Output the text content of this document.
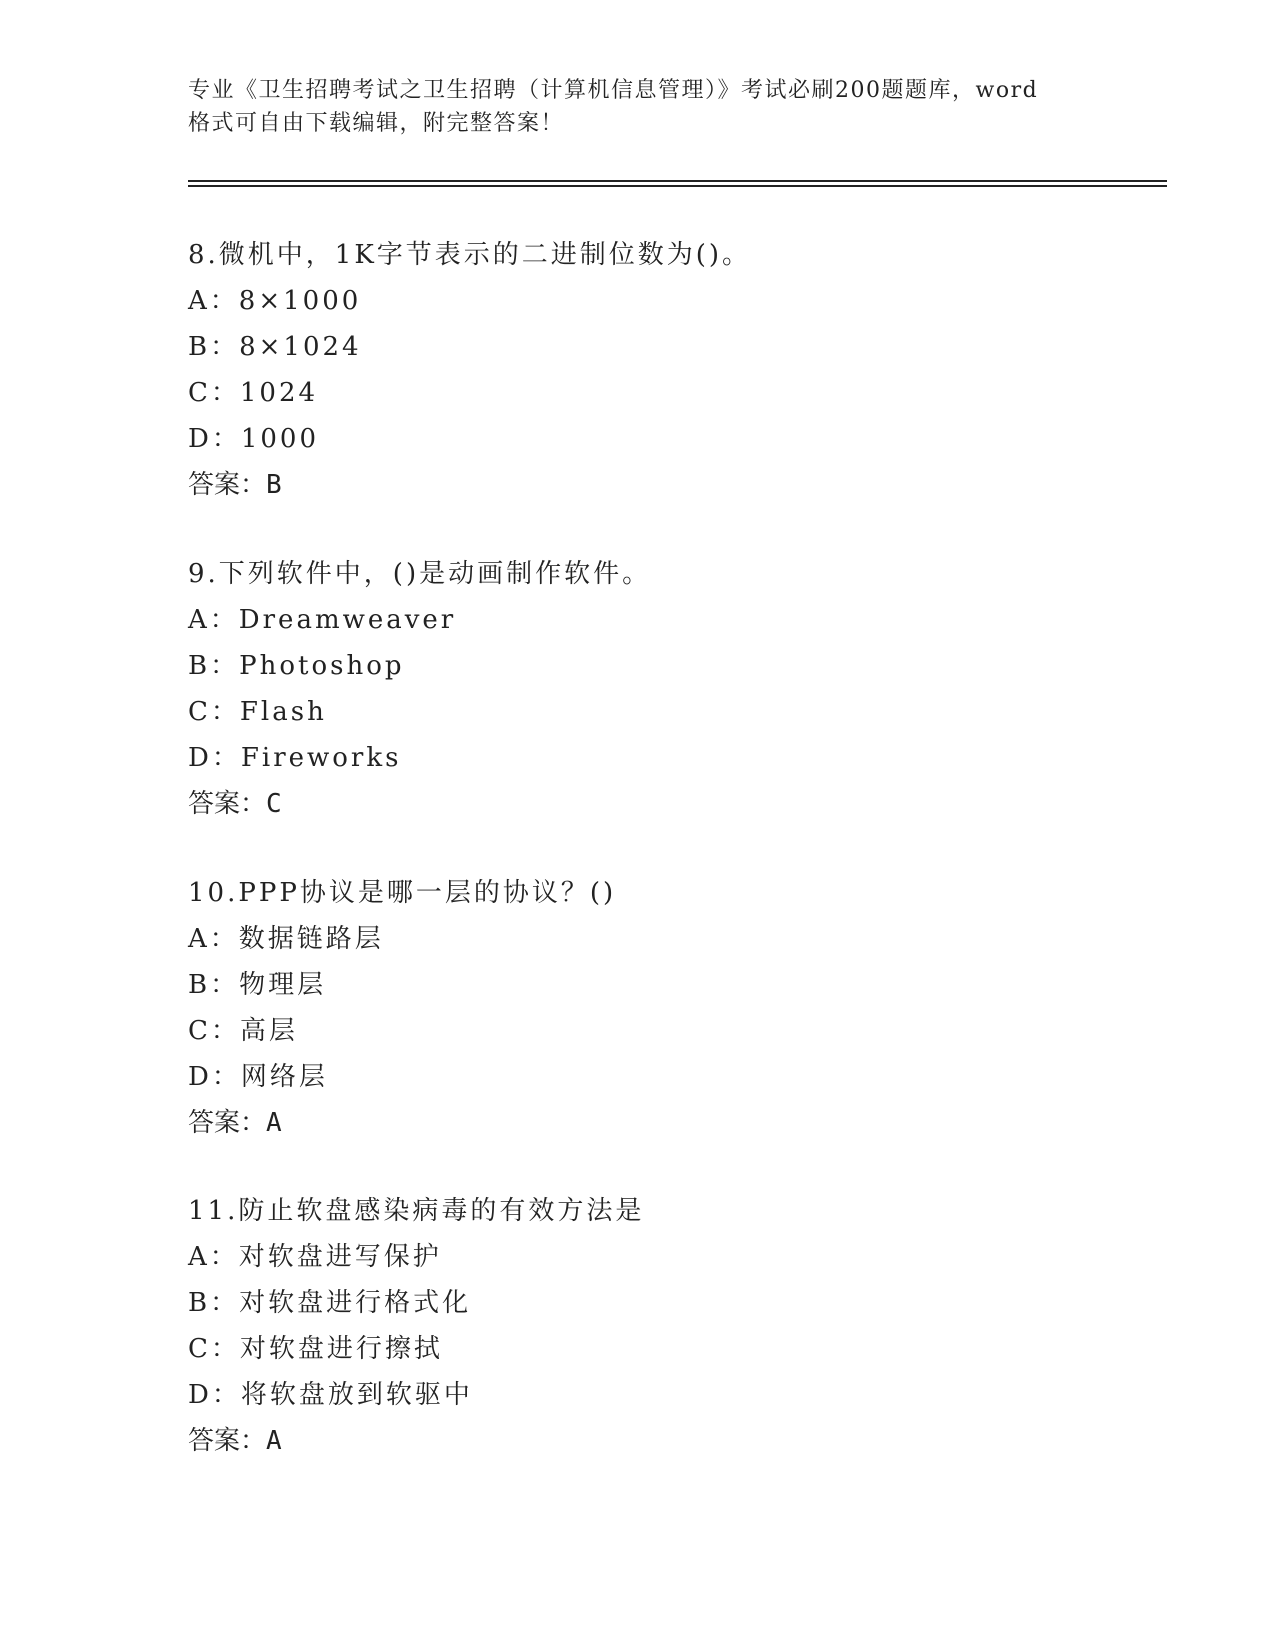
专业《卫生招聘考试之卫生招聘（计算机信息管理）》考试必刷200题题库，word
格式可自由下载编辑，附完整答案！
8.微机中，1K字节表示的二进制位数为()。
A：8×1000
B：8×1024
C：1024
D：1000
答案：B
9.下列软件中，()是动画制作软件。
A：Dreamweaver
B：Photoshop
C：Flash
D：Fireworks
答案：C
10.PPP协议是哪一层的协议？()
A：数据链路层
B：物理层
C：高层
D：网络层
答案：A
11.防止软盘感染病毒的有效方法是
A：对软盘进写保护
B：对软盘进行格式化
C：对软盘进行擦拭
D：将软盘放到软驱中
答案：A
